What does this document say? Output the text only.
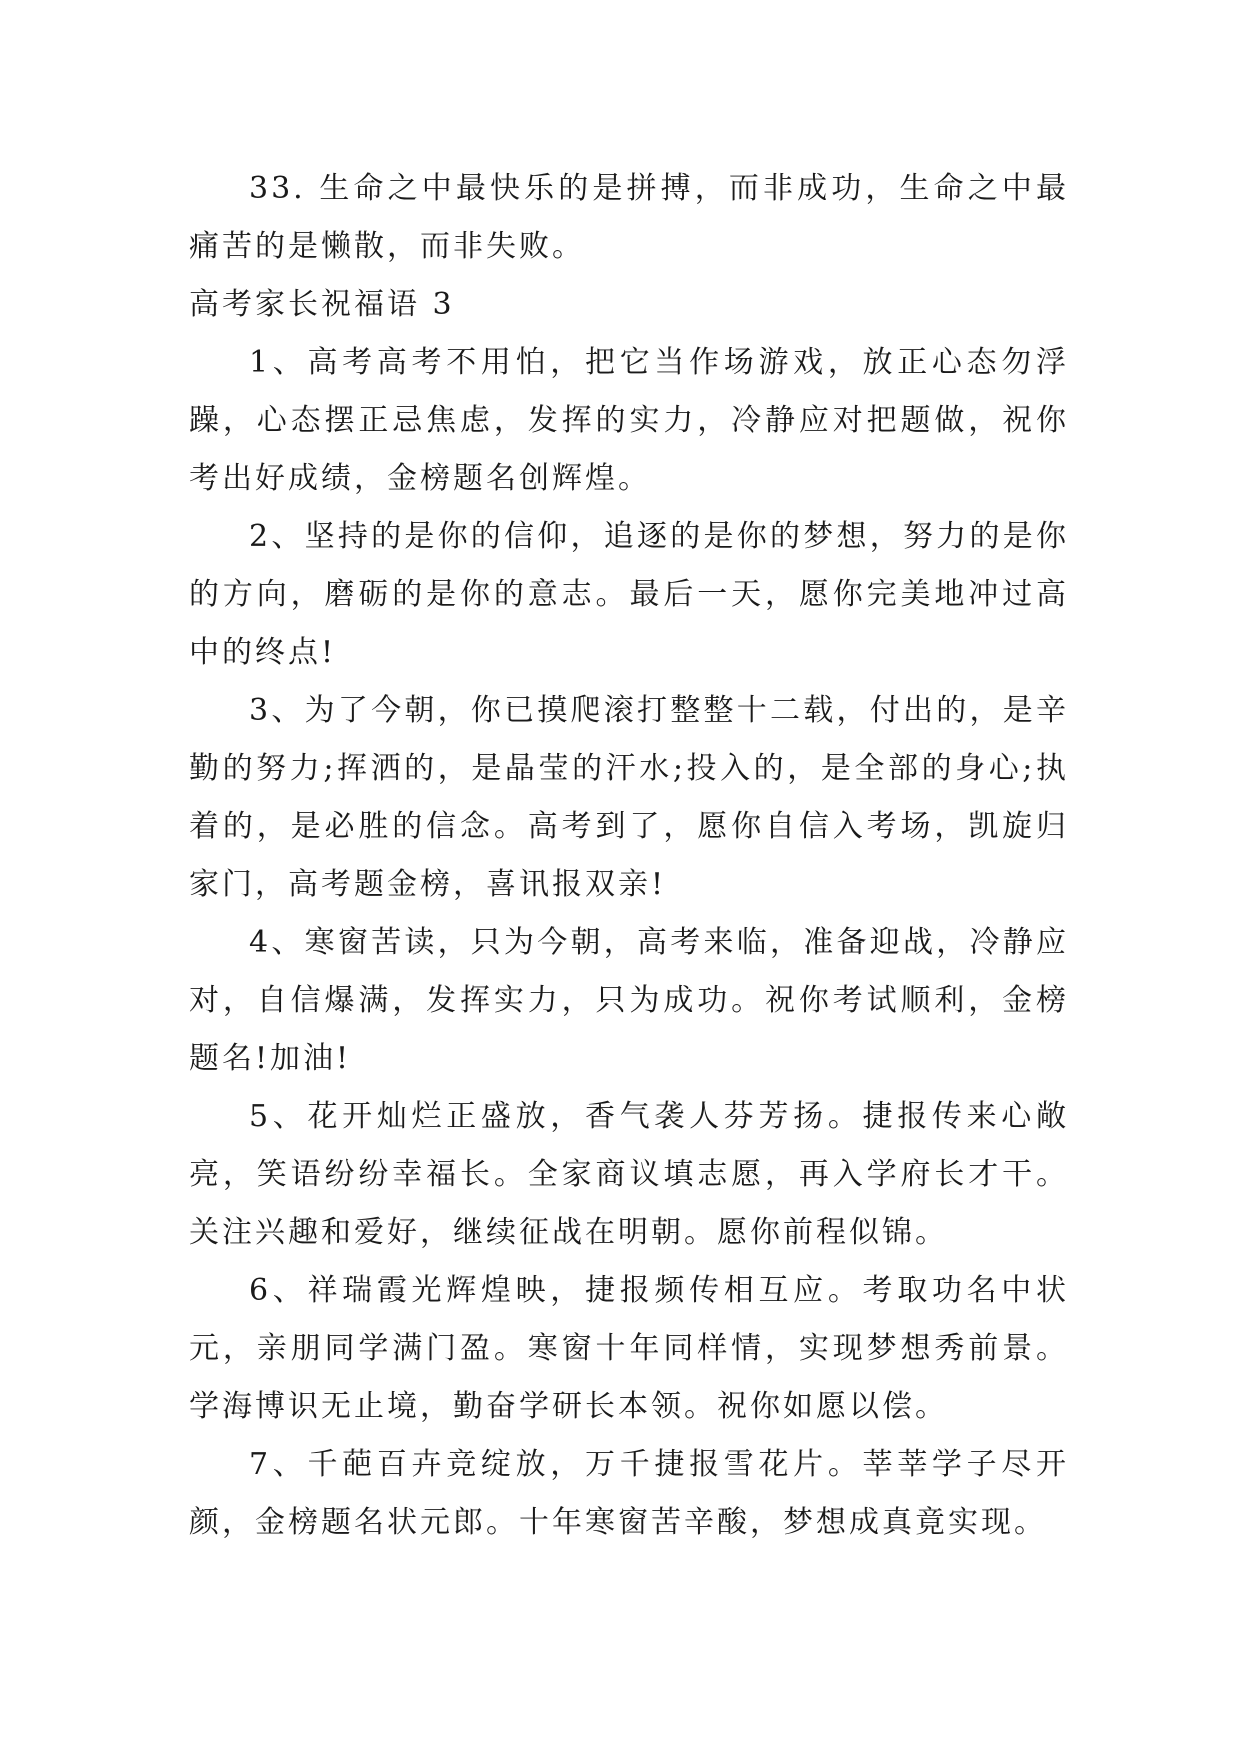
33. 生命之中最快乐的是拼搏，而非成功，生命之中最痛苦的是懒散，而非失败。

高考家长祝福语 3

1、高考高考不用怕，把它当作场游戏，放正心态勿浮躁，心态摆正忌焦虑，发挥的实力，冷静应对把题做，祝你考出好成绩，金榜题名创辉煌。

2、坚持的是你的信仰，追逐的是你的梦想，努力的是你的方向，磨砺的是你的意志。最后一天，愿你完美地冲过高中的终点!

3、为了今朝，你已摸爬滚打整整十二载，付出的，是辛勤的努力;挥洒的，是晶莹的汗水;投入的，是全部的身心;执着的，是必胜的信念。高考到了，愿你自信入考场，凯旋归家门，高考题金榜，喜讯报双亲!

4、寒窗苦读，只为今朝，高考来临，准备迎战，冷静应对，自信爆满，发挥实力，只为成功。祝你考试顺利，金榜题名!加油!

5、花开灿烂正盛放，香气袭人芬芳扬。捷报传来心敞亮，笑语纷纷幸福长。全家商议填志愿，再入学府长才干。关注兴趣和爱好，继续征战在明朝。愿你前程似锦。

6、祥瑞霞光辉煌映，捷报频传相互应。考取功名中状元，亲朋同学满门盈。寒窗十年同样情，实现梦想秀前景。学海博识无止境，勤奋学研长本领。祝你如愿以偿。

7、千葩百卉竞绽放，万千捷报雪花片。莘莘学子尽开颜，金榜题名状元郎。十年寒窗苦辛酸，梦想成真竟实现。
